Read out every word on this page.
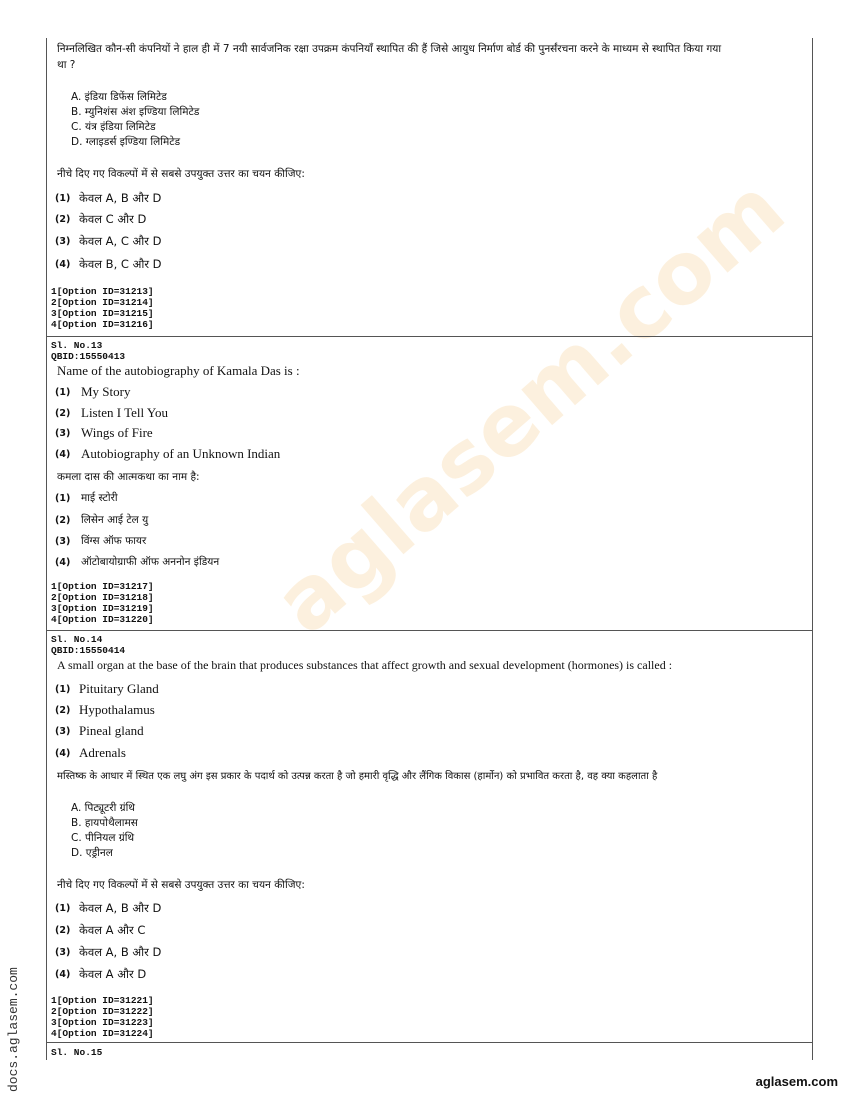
aglasem.com
निम्नलिखित कौन-सी कंपनियों ने हाल ही में 7 नयी सार्वजनिक रक्षा उपक्रम कंपनियाँ स्थापित की हैं जिसे आयुध निर्माण बोर्ड की पुनर्संरचना करने के माध्यम से स्थापित किया गया
था ?
A. इंडिया डिफेंस लिमिटेड
B. म्युनिशंस अंश इण्डिया लिमिटेड
C. यंत्र इंडिया लिमिटेड
D. ग्लाइडर्स इण्डिया लिमिटेड
नीचे दिए गए विकल्पों में से सबसे उपयुक्त उत्तर का चयन कीजिए:
(1) केवल A, B और D
(2) केवल C और D
(3) केवल A, C और D
(4) केवल B, C और D
1[Option ID=31213]
2[Option ID=31214]
3[Option ID=31215]
4[Option ID=31216]
Sl. No.13
QBID:15550413
Name of the autobiography of Kamala Das is :
(1) My Story
(2) Listen I Tell You
(3) Wings of Fire
(4) Autobiography of an Unknown Indian
कमला दास की आत्मकथा का नाम है:
(1) माई स्टोरी
(2) लिसेन आई टेल यु
(3) विंग्स ऑफ फायर
(4) ऑटोबायोग्राफी ऑफ अननोन इंडियन
1[Option ID=31217]
2[Option ID=31218]
3[Option ID=31219]
4[Option ID=31220]
Sl. No.14
QBID:15550414
A small organ at the base of the brain that produces substances that affect growth and sexual development (hormones) is called :
(1) Pituitary Gland
(2) Hypothalamus
(3) Pineal gland
(4) Adrenals
मस्तिष्क के आधार में स्थित एक लघु अंग इस प्रकार के पदार्थ को उत्पन्न करता है जो हमारी वृद्धि और लैंगिक विकास (हार्मोन) को प्रभावित करता है, वह क्या कहलाता है
A. पिट्यूटरी ग्रंथि
B. हायपोथैलामस
C. पीनियल ग्रंथि
D. एड्रीनल
नीचे दिए गए विकल्पों में से सबसे उपयुक्त उत्तर का चयन कीजिए:
(1) केवल A, B और D
(2) केवल A और C
(3) केवल A, B और D
(4) केवल A और D
1[Option ID=31221]
2[Option ID=31222]
3[Option ID=31223]
4[Option ID=31224]
Sl. No.15
docs.aglasem.com	aglasem.com
